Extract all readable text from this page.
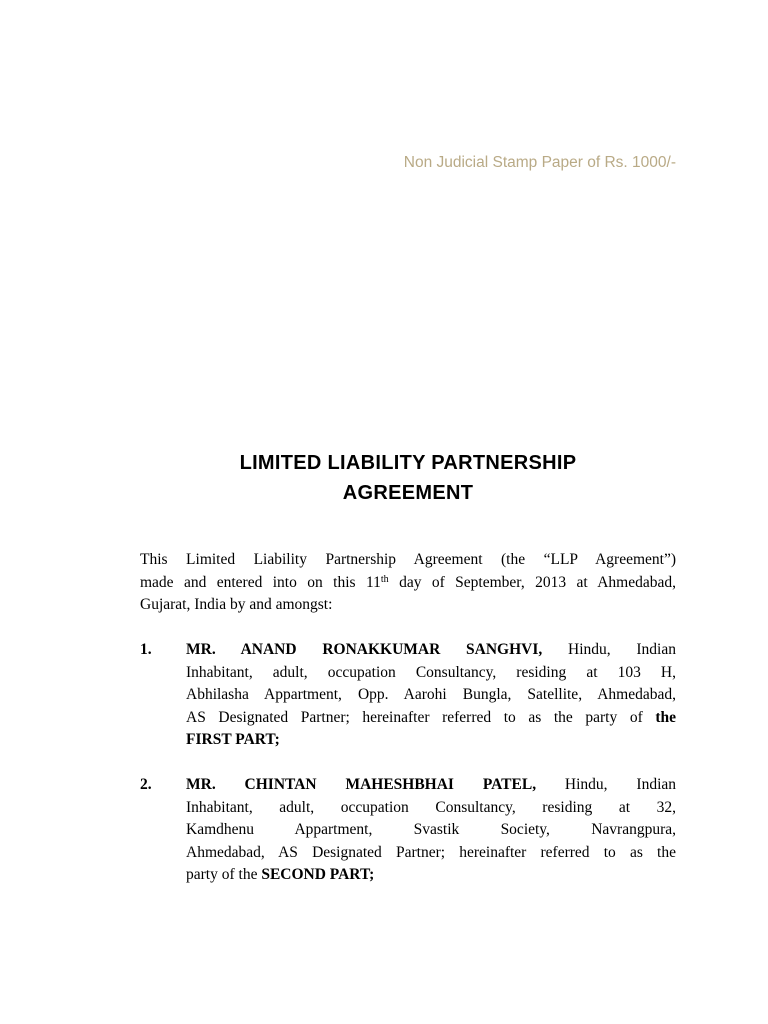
Non Judicial Stamp Paper of Rs. 1000/-
LIMITED LIABILITY PARTNERSHIP
AGREEMENT
This Limited Liability Partnership Agreement (the “LLP Agreement”)
made and entered into on this 11th day of September, 2013 at Ahmedabad,
Gujarat, India by and amongst:
1. MR. ANAND RONAKKUMAR SANGHVI, Hindu, Indian
Inhabitant, adult, occupation Consultancy, residing at 103 H,
Abhilasha Appartment, Opp. Aarohi Bungla, Satellite, Ahmedabad,
AS Designated Partner; hereinafter referred to as the party of the
FIRST PART;
2. MR. CHINTAN MAHESHBHAI PATEL, Hindu, Indian
Inhabitant, adult, occupation Consultancy, residing at 32,
Kamdhenu Appartment, Svastik Society, Navrangpura,
Ahmedabad, AS Designated Partner; hereinafter referred to as the
party of the SECOND PART;
